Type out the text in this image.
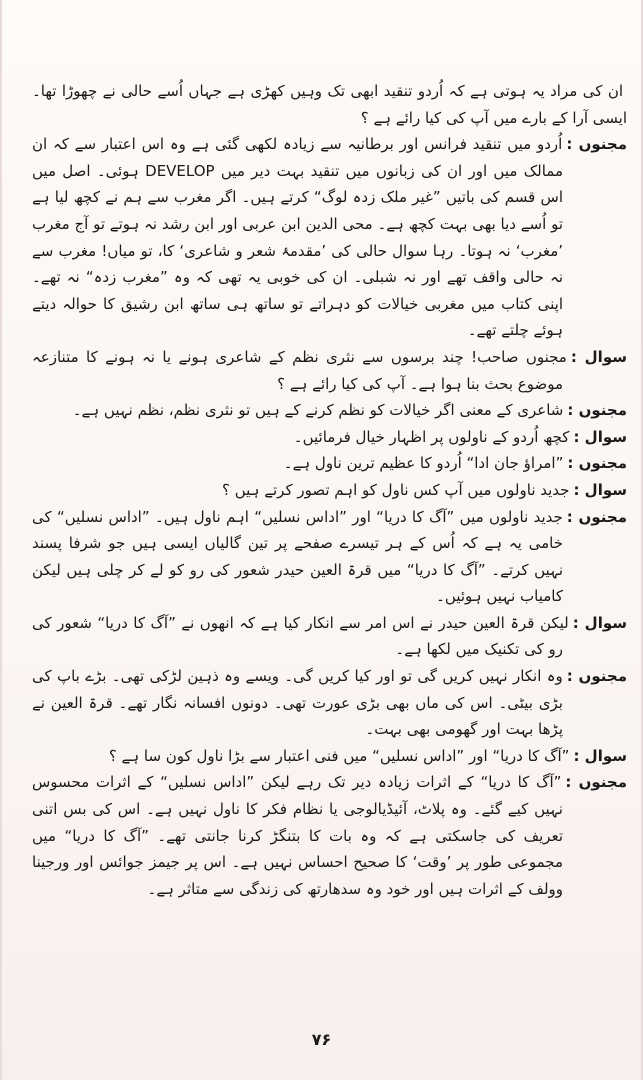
ان کی مراد یہ ہوتی ہے کہ اُردو تنقید ابھی تک وہیں کھڑی ہے جہاں اُسے حالی نے چھوڑا تھا۔ ایسی آرا کے بارے میں آپ کی کیا رائے ہے ؟

مجنوں :اُردو میں تنقید فرانس اور برطانیہ سے زیادہ لکھی گئی ہے وہ اس اعتبار سے کہ ان ممالک میں اور ان کی زبانوں میں تنقید بہت دیر میں DEVELOP ہوئی۔ اصل میں اس قسم کی باتیں ”غیر ملک زدہ لوگ“ کرتے ہیں۔ اگر مغرب سے ہم نے کچھ لیا ہے تو اُسے دیا بھی بہت کچھ ہے۔ محی الدین ابن عربی اور ابن رشد نہ ہوتے تو آج مغرب ’مغرب‘ نہ ہوتا۔ رہا سوال حالی کی ’مقدمۂ شعر و شاعری‘ کا، تو میاں! مغرب سے نہ حالی واقف تھے اور نہ شبلی۔ ان کی خوبی یہ تھی کہ وہ ”مغرب زدہ“ نہ تھے۔ اپنی کتاب میں مغربی خیالات کو دہراتے تو ساتھ ہی ساتھ ابن رشیق کا حوالہ دیتے ہوئے چلتے تھے۔

سوال :مجنوں صاحب! چند برسوں سے نثری نظم کے شاعری ہونے یا نہ ہونے کا متنازعہ موضوع بحث بنا ہوا ہے۔ آپ کی کیا رائے ہے ؟

مجنوں :شاعری کے معنی اگر خیالات کو نظم کرنے کے ہیں تو نثری نظم، نظم نہیں ہے۔

سوال :کچھ اُردو کے ناولوں پر اظہار خیال فرمائیں۔

مجنوں :”امراؤ جان ادا“ اُردو کا عظیم ترین ناول ہے۔

سوال :جدید ناولوں میں آپ کس ناول کو اہم تصور کرتے ہیں ؟

مجنوں :جدید ناولوں میں ”آگ کا دریا“ اور ”اداس نسلیں“ اہم ناول ہیں۔ ”اداس نسلیں“ کی خامی یہ ہے کہ اُس کے ہر تیسرے صفحے پر تین گالیاں ایسی ہیں جو شرفا پسند نہیں کرتے۔ ”آگ کا دریا“ میں قرۃ العین حیدر شعور کی رو کو لے کر چلی ہیں لیکن کامیاب نہیں ہوئیں۔

سوال :لیکن قرۃ العین حیدر نے اس امر سے انکار کیا ہے کہ انھوں نے ”آگ کا دریا“ شعور کی رو کی تکنیک میں لکھا ہے۔

مجنوں :وہ انکار نہیں کریں گی تو اور کیا کریں گی۔ ویسے وہ ذہین لڑکی تھی۔ بڑے باپ کی بڑی بیٹی۔ اس کی ماں بھی بڑی عورت تھی۔ دونوں افسانہ نگار تھے۔ قرۃ العین نے پڑھا بہت اور گھومی بھی بہت۔

سوال :”آگ کا دریا“ اور ”اداس نسلیں“ میں فنی اعتبار سے بڑا ناول کون سا ہے ؟

مجنوں :”آگ کا دریا“ کے اثرات زیادہ دیر تک رہے لیکن ”اداس نسلیں“ کے اثرات محسوس نہیں کیے گئے۔ وہ پلاٹ، آئیڈیالوجی یا نظام فکر کا ناول نہیں ہے۔ اس کی بس اتنی تعریف کی جاسکتی ہے کہ وہ بات کا بتنگڑ کرنا جانتی تھے۔ ”آگ کا دریا“ میں مجموعی طور پر ’وقت‘ کا صحیح احساس نہیں ہے۔ اس پر جیمز جوائس اور ورجینا وولف کے اثرات ہیں اور خود وہ سدھارتھ کی زندگی سے متاثر ہے۔

۷۶
